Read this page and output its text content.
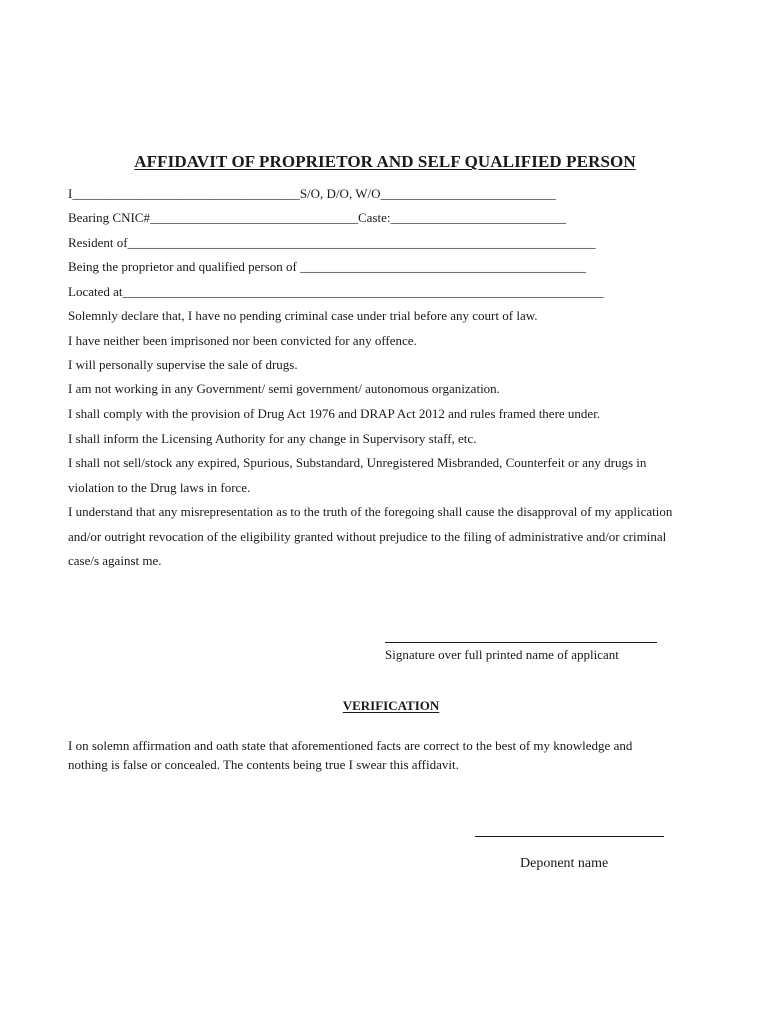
AFFIDAVIT OF PROPRIETOR AND SELF QUALIFIED PERSON
I___________________________________S/O, D/O, W/O___________________________
Bearing CNIC#________________________________Caste:___________________________
Resident of________________________________________________________________________
Being the proprietor and qualified person of ____________________________________________
Located at__________________________________________________________________________
Solemnly declare that, I have no pending criminal case under trial before any court of law.
I have neither been imprisoned nor been convicted for any offence.
I will personally supervise the sale of drugs.
I am not working in any Government/ semi government/ autonomous organization.
I shall comply with the provision of Drug Act 1976 and DRAP Act 2012 and rules framed there under.
I shall inform the Licensing Authority for any change in Supervisory staff, etc.
I shall not sell/stock any expired, Spurious, Substandard, Unregistered Misbranded, Counterfeit or any drugs in
violation to the Drug laws in force.
I understand that any misrepresentation as to the truth of the foregoing shall cause the disapproval of my application
and/or outright revocation of the eligibility granted without prejudice to the filing of administrative and/or criminal
case/s against me.
Signature over full printed name of applicant
VERIFICATION
I on solemn affirmation and oath state that aforementioned facts are correct to the best of my knowledge and
nothing is false or concealed. The contents being true I swear this affidavit.
Deponent name
